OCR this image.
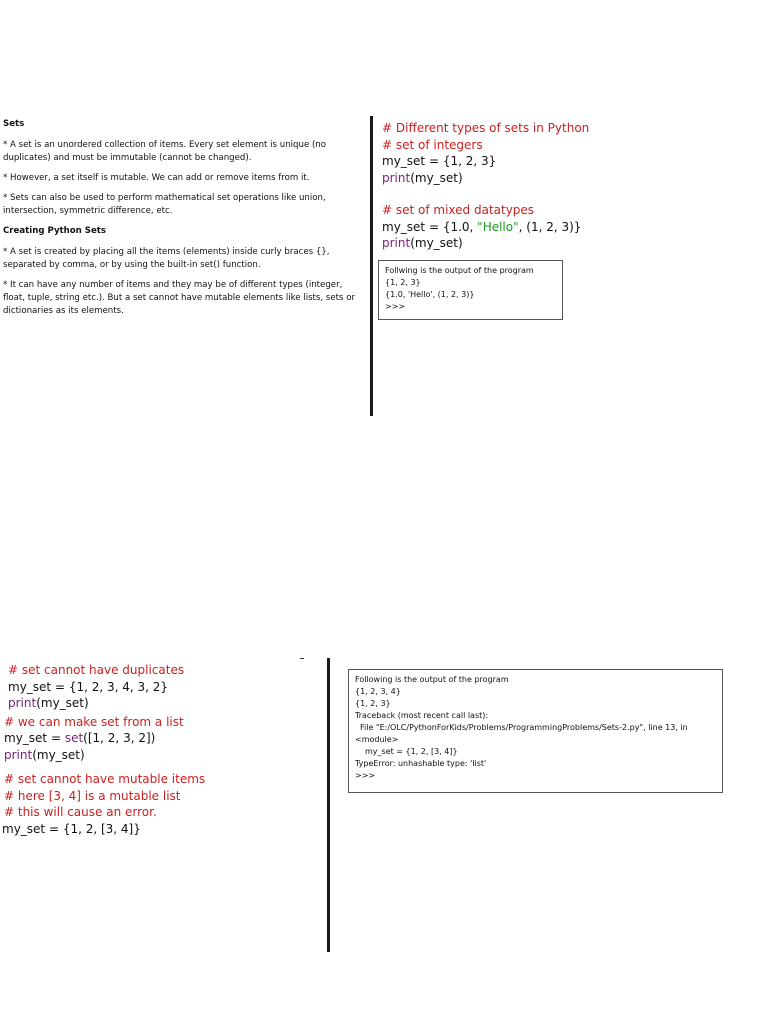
Sets

* A set is an unordered collection of items. Every set element is unique (no duplicates) and must be immutable (cannot be changed).

* However, a set itself is mutable. We can add or remove items from it.

* Sets can also be used to perform mathematical set operations like union, intersection, symmetric difference, etc.

Creating Python Sets

* A set is created by placing all the items (elements) inside curly braces {}, separated by comma, or by using the built-in set() function.

* It can have any number of items and they may be of different types (integer, float, tuple, string etc.). But a set cannot have mutable elements like lists, sets or dictionaries as its elements.

# Different types of sets in Python
# set of integers
my_set = {1, 2, 3}
print(my_set)
# set of mixed datatypes
my_set = {1.0, "Hello", (1, 2, 3)}
print(my_set)
Follwing is the output of the program
{1, 2, 3}
{1.0, 'Hello', (1, 2, 3)}
>>>
# set cannot have duplicates
my_set = {1, 2, 3, 4, 3, 2}
print(my_set)
# we can make set from a list
my_set = set([1, 2, 3, 2])
print(my_set)
# set cannot have mutable items
# here [3, 4] is a mutable list
# this will cause an error.
my_set = {1, 2, [3, 4]}
Following is the output of the program
{1, 2, 3, 4}
{1, 2, 3}
Traceback (most recent call last):
File "E:/OLC/PythonForKids/Problems/ProgrammingProblems/Sets-2.py", line 13, in
<module>
my_set = {1, 2, [3, 4]}
TypeError: unhashable type: 'list'
>>>
